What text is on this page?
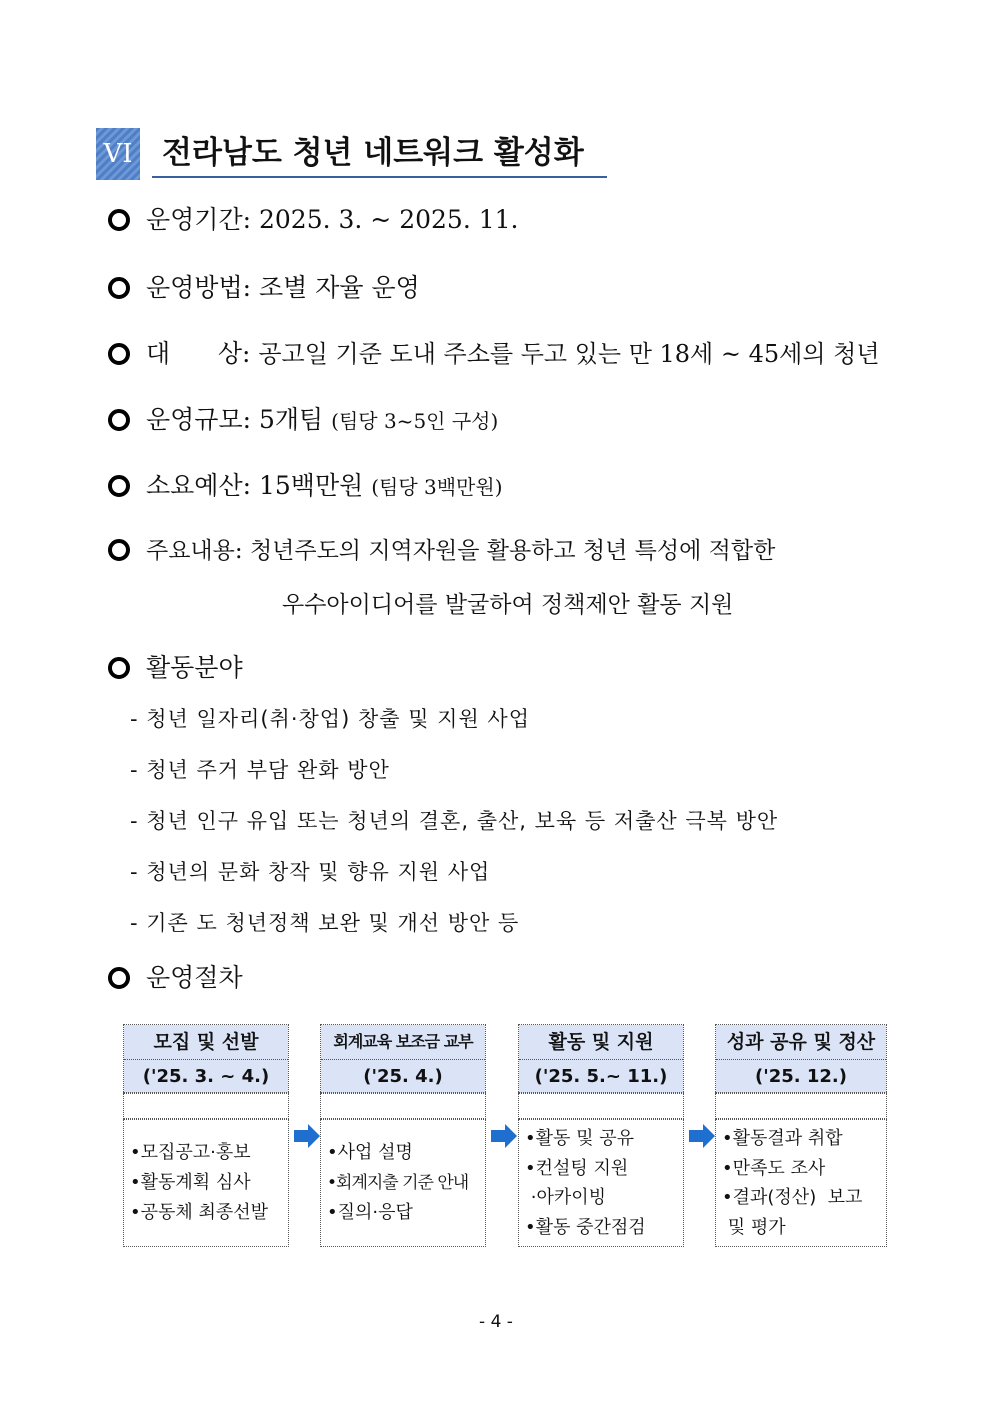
VI 전라남도 청년 네트워크 활성화
운영기간: 2025. 3. ~ 2025. 11.
운영방법: 조별 자율 운영
대      상: 공고일 기준 도내 주소를 두고 있는 만 18세 ~ 45세의 청년
운영규모: 5개팀 (팀당 3~5인 구성)
소요예산: 15백만원 (팀당 3백만원)
주요내용: 청년주도의 지역자원을 활용하고 청년 특성에 적합한
우수아이디어를 발굴하여 정책제안 활동 지원
활동분야
- 청년 일자리(취·창업) 창출 및 지원 사업
- 청년 주거 부담 완화 방안
- 청년 인구 유입 또는 청년의 결혼, 출산, 보육 등 저출산 극복 방안
- 청년의 문화 창작 및 향유 지원 사업
- 기존 도 청년정책 보완 및 개선 방안 등
운영절차
모집 및 선발
('25. 3. ~ 4.)
•모집공고·홍보
•활동계획 심사
•공동체 최종선발
회계교육 보조금 교부
('25. 4.)
•사업 설명
•회계지출 기준 안내
•질의·응답
활동 및 지원
('25. 5.~ 11.)
•활동 및 공유
•컨설팅 지원
·아카이빙
•활동 중간점검
성과 공유 및 정산
('25. 12.)
•활동결과 취합
•만족도 조사
•결과(정산)  보고
및 평가
- 4 -
